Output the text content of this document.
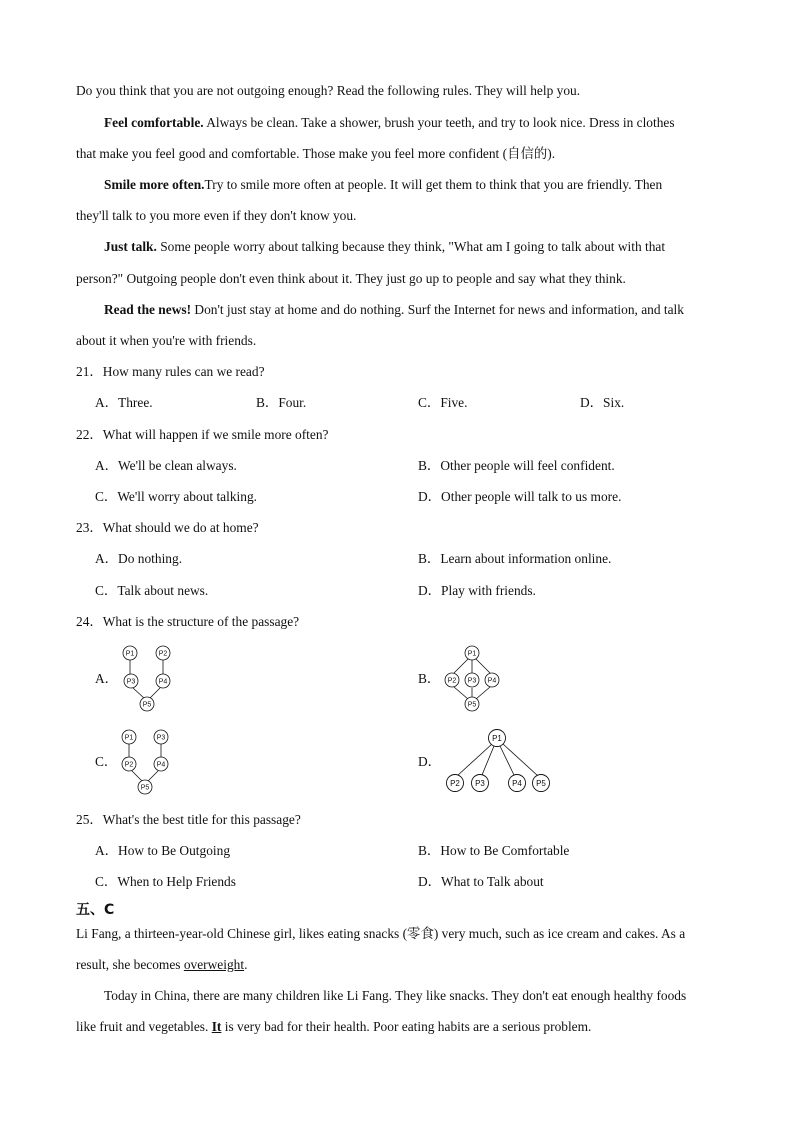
Do you think that you are not outgoing enough? Read the following rules. They will help you.
Feel comfortable. Always be clean. Take a shower, brush your teeth, and try to look nice. Dress in clothes
that make you feel good and comfortable. Those make you feel more confident (自信的).
Smile more often.Try to smile more often at people. It will get them to think that you are friendly. Then
they'll talk to you more even if they don't know you.
Just talk. Some people worry about talking because they think, "What am I going to talk about with that
person?" Outgoing people don't even think about it. They just go up to people and say what they think.
Read the news! Don't just stay at home and do nothing. Surf the Internet for news and information, and talk
about it when you're with friends.
21．How many rules can we read?
A．Three.	B．Four.	C．Five.	D．Six.
22．What will happen if we smile more often?
A．We'll be clean always.	B．Other people will feel confident.
C．We'll worry about talking.	D．Other people will talk to us more.
23．What should we do at home?
A．Do nothing.	B．Learn about information online.
C．Talk about news.	D．Play with friends.
24．What is the structure of the passage?
A．
P1	P2
P3	P4
P5
B．
P1
P2 P3 P4
P5
C．
P1	P3
P2	P4
P5
D．
P1
P2 P3	P4 P5
25．What's the best title for this passage?
A．How to Be Outgoing	B．How to Be Comfortable
C．When to Help Friends	D．What to Talk about
五、C
Li Fang, a thirteen-year-old Chinese girl, likes eating snacks (零食) very much, such as ice cream and cakes. As a
result, she becomes overweight.
Today in China, there are many children like Li Fang. They like snacks. They don't eat enough healthy foods
like fruit and vegetables. It is very bad for their health. Poor eating habits are a serious problem.
